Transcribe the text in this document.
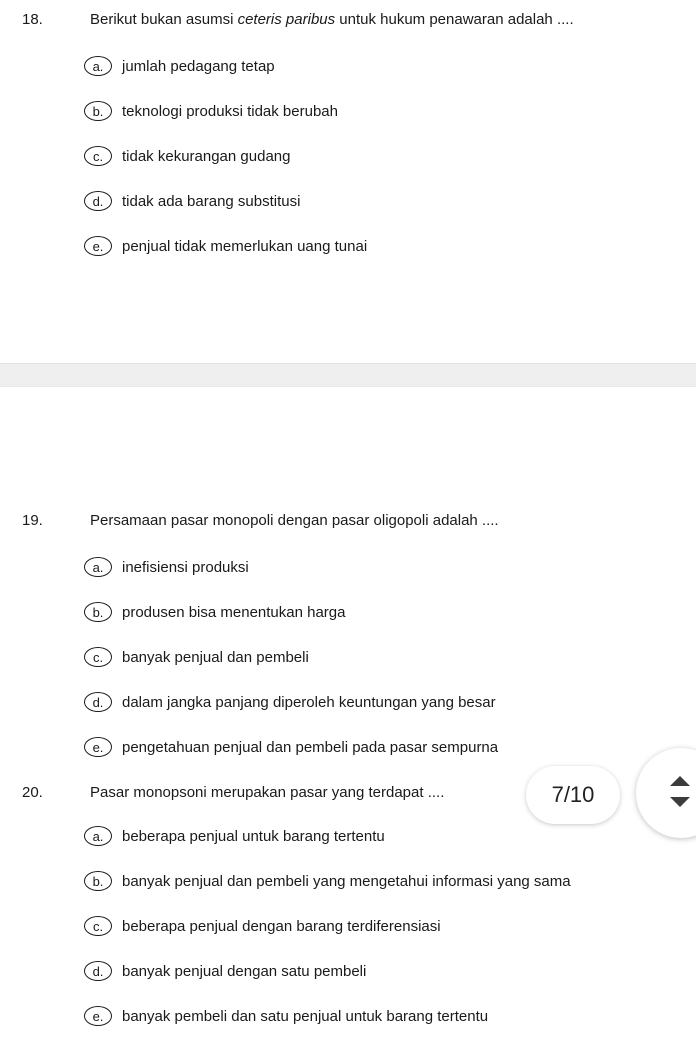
18.	Berikut bukan asumsi ceteris paribus untuk hukum penawaran adalah ....
a.	jumlah pedagang tetap
b.	teknologi produksi tidak berubah
c.	tidak kekurangan gudang
d.	tidak ada barang substitusi
e.	penjual tidak memerlukan uang tunai
19.	Persamaan pasar monopoli dengan pasar oligopoli adalah ....
a.	inefisiensi produksi
b.	produsen bisa menentukan harga
c.	banyak penjual dan pembeli
d.	dalam jangka panjang diperoleh keuntungan yang besar
e.	pengetahuan penjual dan pembeli pada pasar sempurna
20.	Pasar monopsoni merupakan pasar yang terdapat ....
a.	beberapa penjual untuk barang tertentu
b.	banyak penjual dan pembeli yang mengetahui informasi yang sama
c.	beberapa penjual dengan barang terdiferensiasi
d.	banyak penjual dengan satu pembeli
e.	banyak pembeli dan satu penjual untuk barang tertentu
7/10
